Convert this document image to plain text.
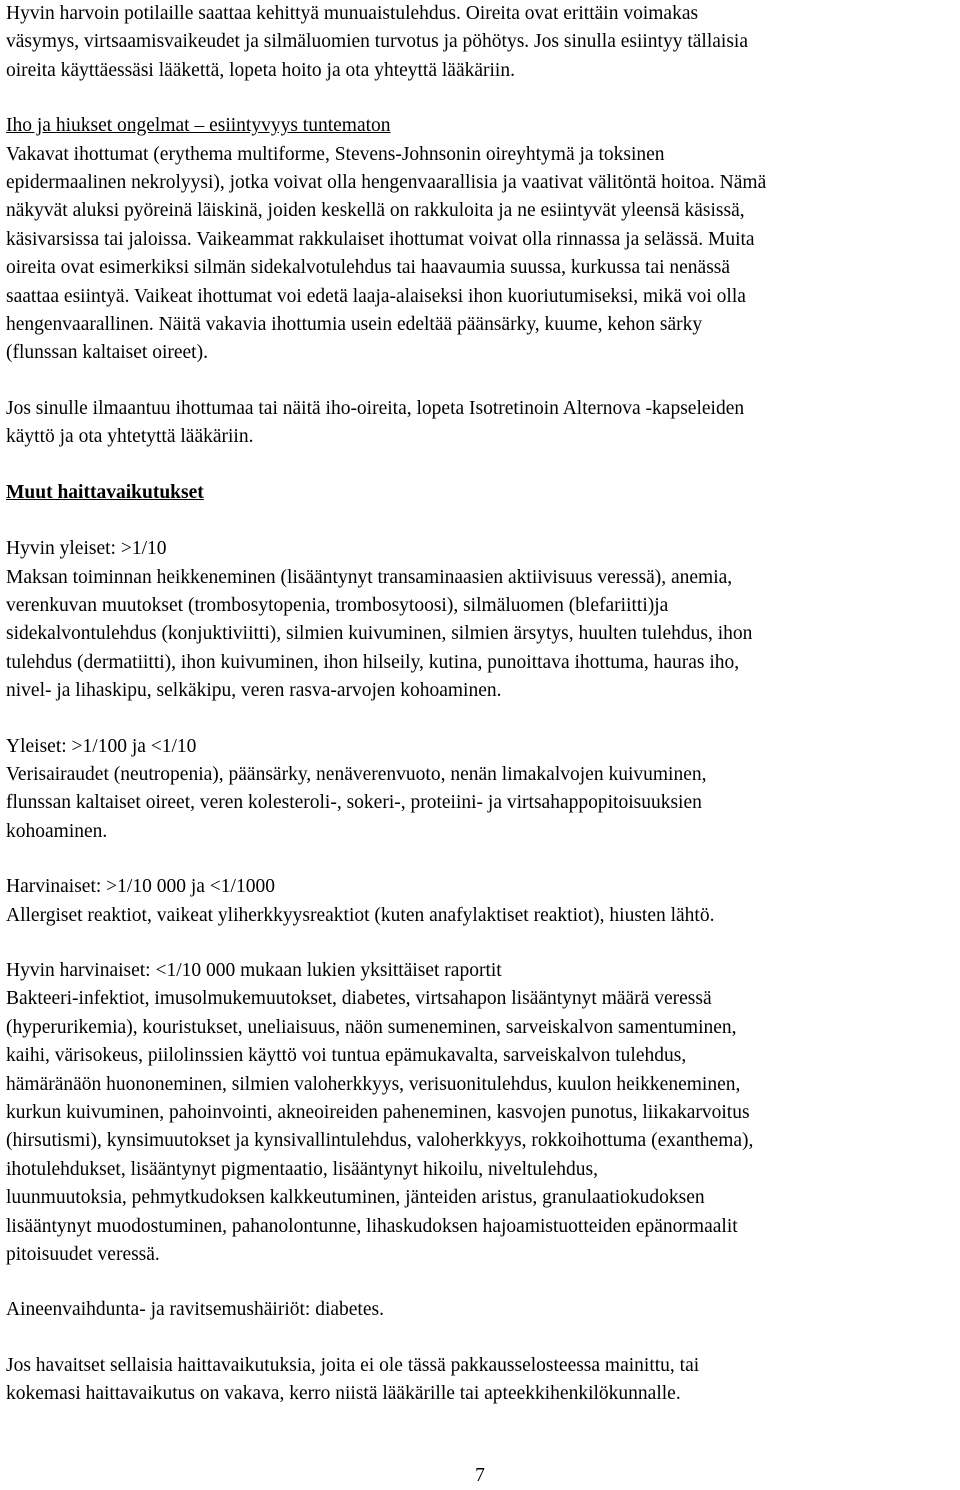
Hyvin harvoin potilaille saattaa kehittyä munuaistulehdus. Oireita ovat erittäin voimakas
väsymys, virtsaamisvaikeudet ja silmäluomien turvotus ja pöhötys. Jos sinulla esiintyy tällaisia
oireita käyttäessäsi lääkettä, lopeta hoito ja ota yhteyttä lääkäriin.
Iho ja hiukset ongelmat – esiintyvyys tuntematon
Vakavat ihottumat (erythema multiforme, Stevens-Johnsonin oireyhtymä ja toksinen
epidermaalinen nekrolyysi), jotka voivat olla hengenvaarallisia ja vaativat välitöntä hoitoa. Nämä
näkyvät aluksi pyöreinä läiskinä, joiden keskellä on rakkuloita ja ne esiintyvät yleensä käsissä,
käsivarsissa tai jaloissa. Vaikeammat rakkulaiset ihottumat voivat olla rinnassa ja selässä. Muita
oireita ovat esimerkiksi silmän sidekalvotulehdus tai haavaumia suussa, kurkussa tai nenässä
saattaa esiintyä. Vaikeat ihottumat voi edetä laaja-alaiseksi ihon kuoriutumiseksi, mikä voi olla
hengenvaarallinen. Näitä vakavia ihottumia usein edeltää päänsärky, kuume, kehon särky
(flunssan kaltaiset oireet).
Jos sinulle ilmaantuu ihottumaa tai näitä iho-oireita, lopeta Isotretinoin Alternova -kapseleiden
käyttö ja ota yhtetyttä lääkäriin.
Muut haittavaikutukset
Hyvin yleiset: >1/10
Maksan toiminnan heikkeneminen (lisääntynyt transaminaasien aktiivisuus veressä), anemia,
verenkuvan muutokset (trombosytopenia, trombosytoosi), silmäluomen (blefariitti)ja
sidekalvontulehdus (konjuktiviitti), silmien kuivuminen, silmien ärsytys, huulten tulehdus, ihon
tulehdus (dermatiitti), ihon kuivuminen, ihon hilseily, kutina, punoittava ihottuma, hauras iho,
nivel- ja lihaskipu, selkäkipu, veren rasva-arvojen kohoaminen.
Yleiset: >1/100 ja <1/10
Verisairaudet (neutropenia), päänsärky, nenäverenvuoto, nenän limakalvojen kuivuminen,
flunssan kaltaiset oireet, veren kolesteroli-, sokeri-, proteiini- ja virtsahappopitoisuuksien
kohoaminen.
Harvinaiset: >1/10 000 ja <1/1000
Allergiset reaktiot, vaikeat yliherkkyysreaktiot (kuten anafylaktiset reaktiot), hiusten lähtö.
Hyvin harvinaiset: <1/10 000 mukaan lukien yksittäiset raportit
Bakteeri-infektiot, imusolmukemuutokset, diabetes, virtsahapon lisääntynyt määrä veressä
(hyperurikemia), kouristukset, uneliaisuus, näön sumeneminen, sarveiskalvon samentuminen,
kaihi, värisokeus, piilolinssien käyttö voi tuntua epämukavalta, sarveiskalvon tulehdus,
hämäränäön huononeminen, silmien valoherkkyys, verisuonitulehdus, kuulon heikkeneminen,
kurkun kuivuminen, pahoinvointi, akneoireiden paheneminen, kasvojen punotus, liikakarvoitus
(hirsutismi), kynsimuutokset ja kynsivallintulehdus, valoherkkyys, rokkoihottuma (exanthema),
ihotulehdukset, lisääntynyt pigmentaatio, lisääntynyt hikoilu, niveltulehdus,
luunmuutoksia, pehmytkudoksen kalkkeutuminen, jänteiden aristus, granulaatiokudoksen
lisääntynyt muodostuminen, pahanolontunne, lihaskudoksen hajoamistuotteiden epänormaalit
pitoisuudet veressä.
Aineenvaihdunta- ja ravitsemushäiriöt: diabetes.
Jos havaitset sellaisia haittavaikutuksia, joita ei ole tässä pakkausselosteessa mainittu, tai
kokemasi haittavaikutus on vakava, kerro niistä lääkärille tai apteekkihenkilökunnalle.
7
